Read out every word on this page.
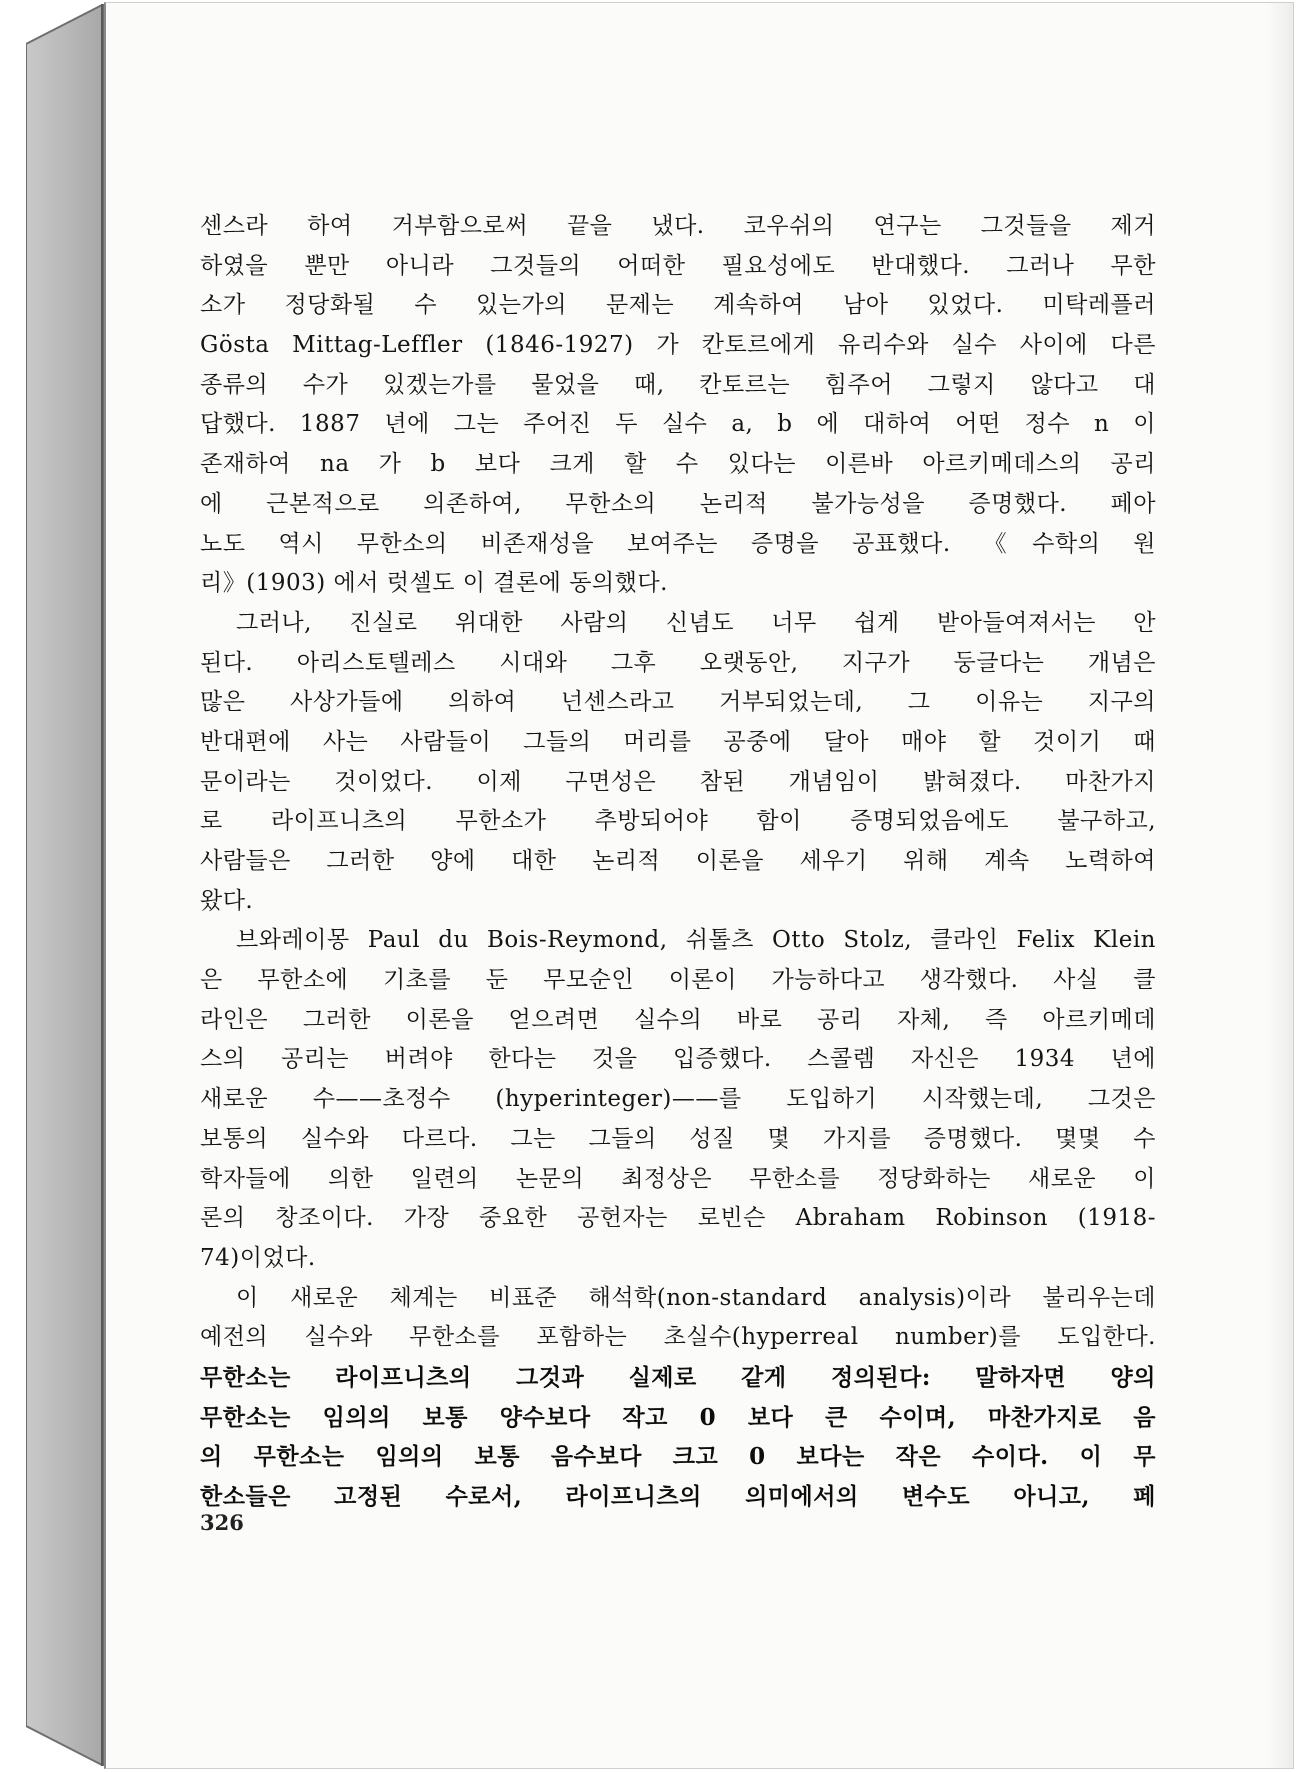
센스라 하여 거부함으로써 끝을 냈다. 코우쉬의 연구는 그것들을 제거
하였을 뿐만 아니라 그것들의 어떠한 필요성에도 반대했다. 그러나 무한
소가 정당화될 수 있는가의 문제는 계속하여 남아 있었다. 미탁레플러
Gösta Mittag-Leffler (1846-1927) 가 칸토르에게 유리수와 실수 사이에 다른
종류의 수가 있겠는가를 물었을 때, 칸토르는 힘주어 그렇지 않다고 대
답했다. 1887 년에 그는 주어진 두 실수 a, b 에 대하여 어떤 정수 n 이
존재하여 na 가 b 보다 크게 할 수 있다는 이른바 아르키메데스의 공리
에 근본적으로 의존하여, 무한소의 논리적 불가능성을 증명했다. 페아
노도 역시 무한소의 비존재성을 보여주는 증명을 공표했다. 《수학의 원
리》(1903) 에서 럿셀도 이 결론에 동의했다.
그러나, 진실로 위대한 사람의 신념도 너무 쉽게 받아들여져서는 안
된다. 아리스토텔레스 시대와 그후 오랫동안, 지구가 둥글다는 개념은
많은 사상가들에 의하여 넌센스라고 거부되었는데, 그 이유는 지구의
반대편에 사는 사람들이 그들의 머리를 공중에 달아 매야 할 것이기 때
문이라는 것이었다. 이제 구면성은 참된 개념임이 밝혀졌다. 마찬가지
로 라이프니츠의 무한소가 추방되어야 함이 증명되었음에도 불구하고,
사람들은 그러한 양에 대한 논리적 이론을 세우기 위해 계속 노력하여
왔다.
브와레이몽 Paul du Bois-Reymond, 쉬톨츠 Otto Stolz, 클라인 Felix Klein
은 무한소에 기초를 둔 무모순인 이론이 가능하다고 생각했다. 사실 클
라인은 그러한 이론을 얻으려면 실수의 바로 공리 자체, 즉 아르키메데
스의 공리는 버려야 한다는 것을 입증했다. 스콜렘 자신은 1934 년에
새로운 수——초정수 (hyperinteger)——를 도입하기 시작했는데, 그것은
보통의 실수와 다르다. 그는 그들의 성질 몇 가지를 증명했다. 몇몇 수
학자들에 의한 일련의 논문의 최정상은 무한소를 정당화하는 새로운 이
론의 창조이다. 가장 중요한 공헌자는 로빈슨 Abraham Robinson (1918-
74)이었다.
이 새로운 체계는 비표준 해석학(non-standard analysis)이라 불리우는데
예전의 실수와 무한소를 포함하는 초실수(hyperreal number)를 도입한다.
무한소는 라이프니츠의 그것과 실제로 같게 정의된다: 말하자면 양의
무한소는 임의의 보통 양수보다 작고 0 보다 큰 수이며, 마찬가지로 음
의 무한소는 임의의 보통 음수보다 크고 0 보다는 작은 수이다. 이 무
한소들은 고정된 수로서, 라이프니츠의 의미에서의 변수도 아니고, 페
326
